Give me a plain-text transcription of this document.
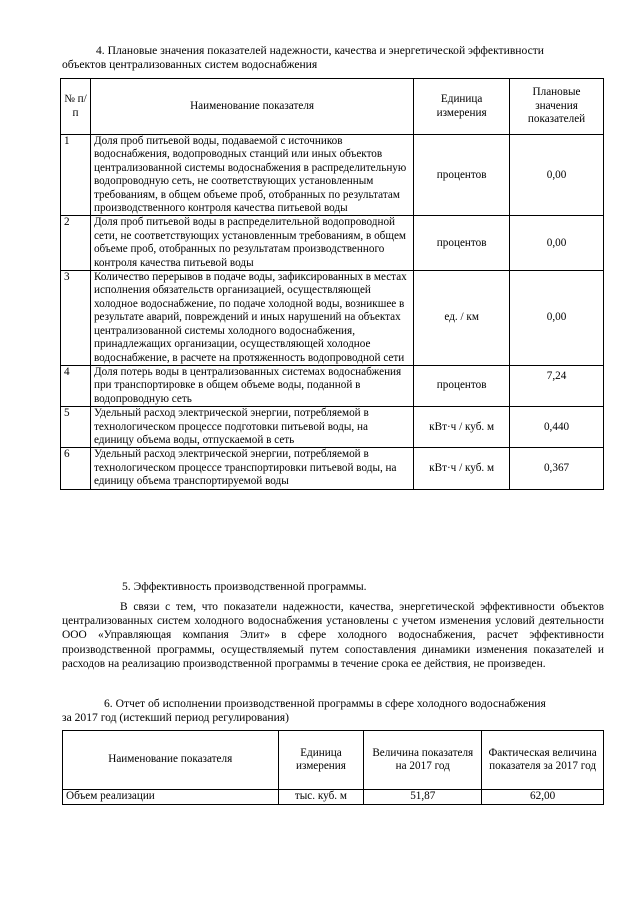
4. Плановые значения показателей надежности, качества и энергетической эффективности
объектов централизованных систем водоснабжения
№ п/п	Наименование показателя	Единица измерения	Плановые значения показателей
1	Доля проб питьевой воды, подаваемой с источников водоснабжения, водопроводных станций или иных объектов централизованной системы водоснабжения в распределительную водопроводную сеть, не соответствующих установленным требованиям, в общем объеме проб, отобранных по результатам производственного контроля качества питьевой воды	процентов	0,00
2	Доля проб питьевой воды в распределительной водопроводной сети, не соответствующих установленным требованиям, в общем объеме проб, отобранных по результатам производственного контроля качества питьевой воды	процентов	0,00
3	Количество перерывов в подаче воды, зафиксированных в местах исполнения обязательств организацией, осуществляющей холодное водоснабжение, по подаче холодной воды, возникшее в результате аварий, повреждений и иных нарушений на объектах централизованной системы холодного водоснабжения, принадлежащих организации, осуществляющей холодное водоснабжение, в расчете на протяженность водопроводной сети	ед. / км	0,00
4	Доля потерь воды в централизованных системах водоснабжения при транспортировке в общем объеме воды, поданной в водопроводную сеть	процентов	7,24
5	Удельный расход электрической энергии, потребляемой в технологическом процессе подготовки питьевой воды, на единицу объема воды, отпускаемой в сеть	кВт·ч / куб. м	0,440
6	Удельный расход электрической энергии, потребляемой в технологическом процессе транспортировки питьевой воды, на единицу объема транспортируемой воды	кВт·ч / куб. м	0,367
5. Эффективность производственной программы.
В связи с тем, что показатели надежности, качества, энергетической эффективности объектов централизованных систем холодного водоснабжения установлены с учетом изменения условий деятельности ООО «Управляющая компания Элит» в сфере холодного водоснабжения, расчет эффективности производственной программы, осуществляемый путем сопоставления динамики изменения показателей и расходов на реализацию производственной программы в течение срока ее действия, не произведен.
6. Отчет об исполнении производственной программы в сфере холодного водоснабжения
за 2017 год (истекший период регулирования)
Наименование показателя	Единица измерения	Величина показателя на 2017 год	Фактическая величина показателя за 2017 год
Объем реализации	тыс. куб. м	51,87	62,00
